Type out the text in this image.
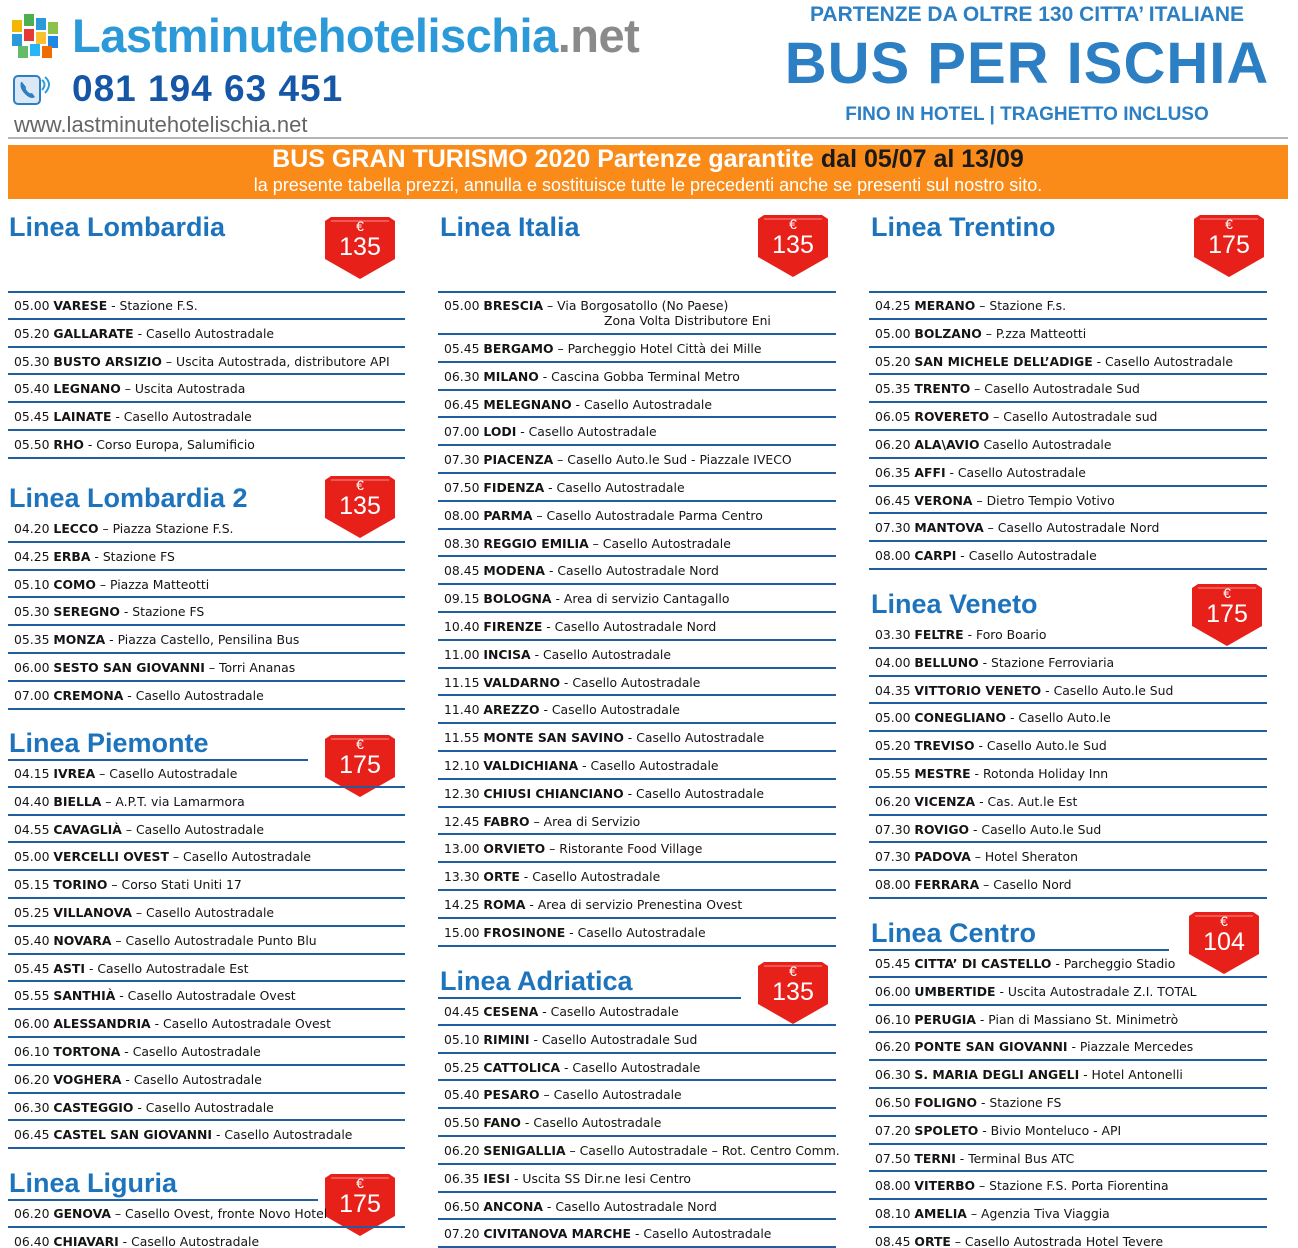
Lastminutehotelischia.net
081 194 63 451
www.lastminutehotelischia.net
PARTENZE DA OLTRE 130 CITTA’ ITALIANE
BUS PER ISCHIA
FINO IN HOTEL | TRAGHETTO INCLUSO
BUS GRAN TURISMO 2020 Partenze garantite dal 05/07 al 13/09
la presente tabella prezzi, annulla e sostituisce tutte le precedenti anche se presenti sul nostro sito.
Linea Lombardia	€
135
05.00 VARESE - Stazione F.S.
05.20 GALLARATE - Casello Autostradale
05.30 BUSTO ARSIZIO – Uscita Autostrada, distributore API
05.40 LEGNANO – Uscita Autostrada
05.45 LAINATE - Casello Autostradale
05.50 RHO - Corso Europa, Salumificio
Linea Lombardia 2	€
135
04.20 LECCO – Piazza Stazione F.S.
04.25 ERBA - Stazione FS
05.10 COMO – Piazza Matteotti
05.30 SEREGNO - Stazione FS
05.35 MONZA - Piazza Castello, Pensilina Bus
06.00 SESTO SAN GIOVANNI – Torri Ananas
07.00 CREMONA - Casello Autostradale
Linea Piemonte	€
175
04.15 IVREA – Casello Autostradale
04.40 BIELLA – A.P.T. via Lamarmora
04.55 CAVAGLIÀ – Casello Autostradale
05.00 VERCELLI OVEST – Casello Autostradale
05.15 TORINO – Corso Stati Uniti 17
05.25 VILLANOVA – Casello Autostradale
05.40 NOVARA – Casello Autostradale Punto Blu
05.45 ASTI - Casello Autostradale Est
05.55 SANTHIÀ - Casello Autostradale Ovest
06.00 ALESSANDRIA - Casello Autostradale Ovest
06.10 TORTONA - Casello Autostradale
06.20 VOGHERA - Casello Autostradale
06.30 CASTEGGIO - Casello Autostradale
06.45 CASTEL SAN GIOVANNI - Casello Autostradale
Linea Liguria	€
175
06.20 GENOVA – Casello Ovest, fronte Novo Hotel
06.40 CHIAVARI - Casello Autostradale
Linea Italia	€
135
05.00 BRESCIA – Via Borgosatollo (No Paese)
Zona Volta Distributore Eni
05.45 BERGAMO – Parcheggio Hotel Città dei Mille
06.30 MILANO - Cascina Gobba Terminal Metro
06.45 MELEGNANO - Casello Autostradale
07.00 LODI - Casello Autostradale
07.30 PIACENZA – Casello Auto.le Sud - Piazzale IVECO
07.50 FIDENZA - Casello Autostradale
08.00 PARMA – Casello Autostradale Parma Centro
08.30 REGGIO EMILIA – Casello Autostradale
08.45 MODENA - Casello Autostradale Nord
09.15 BOLOGNA - Area di servizio Cantagallo
10.40 FIRENZE - Casello Autostradale Nord
11.00 INCISA - Casello Autostradale
11.15 VALDARNO - Casello Autostradale
11.40 AREZZO - Casello Autostradale
11.55 MONTE SAN SAVINO - Casello Autostradale
12.10 VALDICHIANA - Casello Autostradale
12.30 CHIUSI CHIANCIANO - Casello Autostradale
12.45 FABRO – Area di Servizio
13.00 ORVIETO – Ristorante Food Village
13.30 ORTE - Casello Autostradale
14.25 ROMA - Area di servizio Prenestina Ovest
15.00 FROSINONE - Casello Autostradale
Linea Adriatica	€
135
04.45 CESENA - Casello Autostradale
05.10 RIMINI - Casello Autostradale Sud
05.25 CATTOLICA - Casello Autostradale
05.40 PESARO – Casello Autostradale
05.50 FANO - Casello Autostradale
06.20 SENIGALLIA – Casello Autostradale – Rot. Centro Comm.
06.35 IESI - Uscita SS Dir.ne Iesi Centro
06.50 ANCONA - Casello Autostradale Nord
07.20 CIVITANOVA MARCHE - Casello Autostradale
Linea Trentino	€
175
04.25 MERANO – Stazione F.s.
05.00 BOLZANO – P.zza Matteotti
05.20 SAN MICHELE DELL’ADIGE - Casello Autostradale
05.35 TRENTO – Casello Autostradale Sud
06.05 ROVERETO – Casello Autostradale sud
06.20 ALA\AVIO Casello Autostradale
06.35 AFFI - Casello Autostradale
06.45 VERONA – Dietro Tempio Votivo
07.30 MANTOVA – Casello Autostradale Nord
08.00 CARPI - Casello Autostradale
Linea Veneto	€
175
03.30 FELTRE - Foro Boario
04.00 BELLUNO - Stazione Ferroviaria
04.35 VITTORIO VENETO - Casello Auto.le Sud
05.00 CONEGLIANO - Casello Auto.le
05.20 TREVISO - Casello Auto.le Sud
05.55 MESTRE - Rotonda Holiday Inn
06.20 VICENZA - Cas. Aut.le Est
07.30 ROVIGO - Casello Auto.le Sud
07.30 PADOVA – Hotel Sheraton
08.00 FERRARA – Casello Nord
Linea Centro	€
104
05.45 CITTA’ DI CASTELLO - Parcheggio Stadio
06.00 UMBERTIDE - Uscita Autostradale Z.I. TOTAL
06.10 PERUGIA - Pian di Massiano St. Minimetrò
06.20 PONTE SAN GIOVANNI - Piazzale Mercedes
06.30 S. MARIA DEGLI ANGELI - Hotel Antonelli
06.50 FOLIGNO - Stazione FS
07.20 SPOLETO - Bivio Monteluco - API
07.50 TERNI - Terminal Bus ATC
08.00 VITERBO – Stazione F.S. Porta Fiorentina
08.10 AMELIA – Agenzia Tiva Viaggia
08.45 ORTE – Casello Autostrada Hotel Tevere
